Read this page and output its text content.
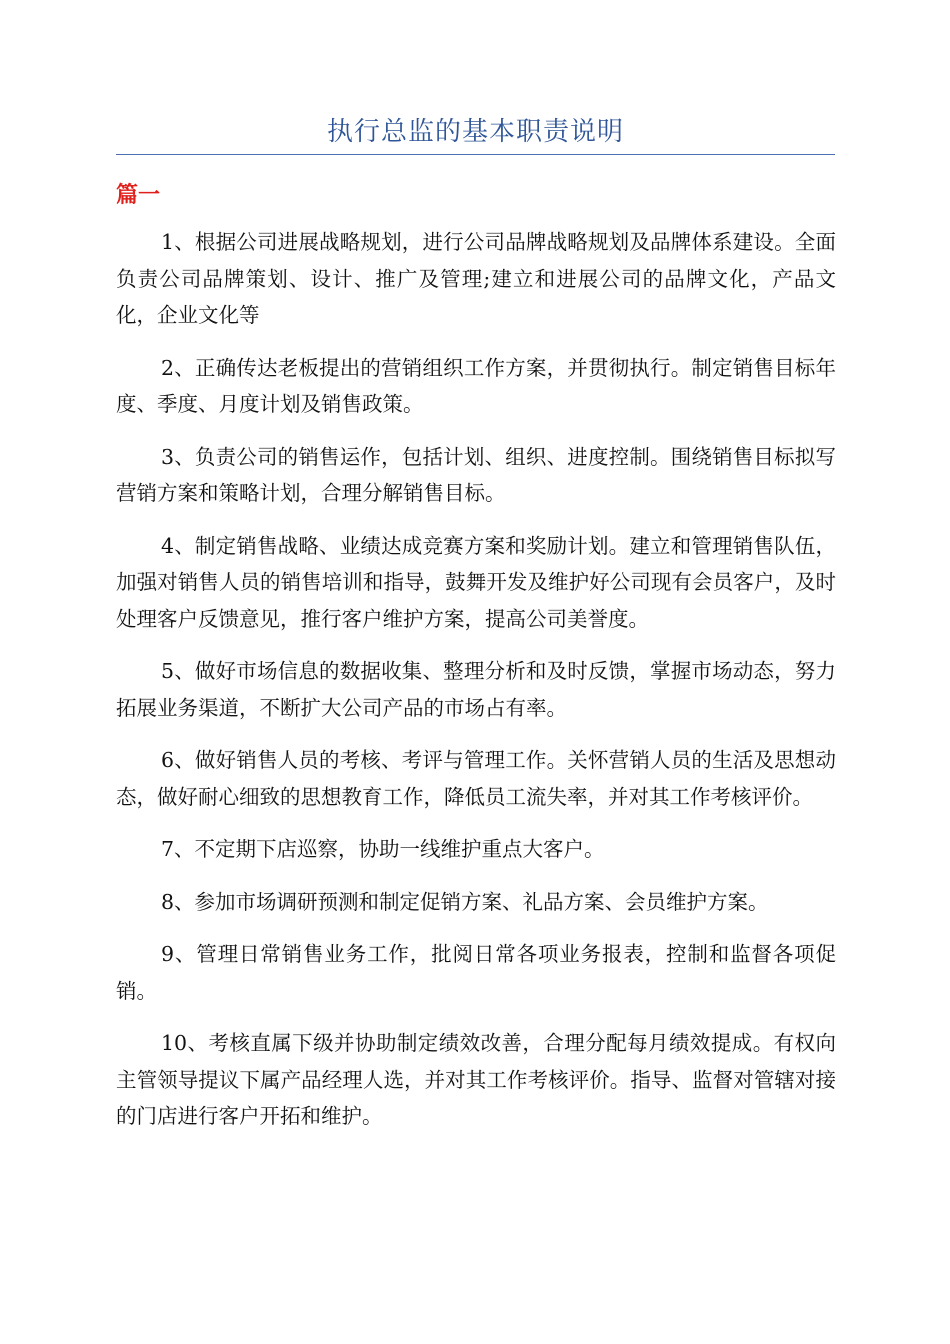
执行总监的基本职责说明
篇一

1、根据公司进展战略规划，进行公司品牌战略规划及品牌体系建设。全面负责公司品牌策划、设计、推广及管理;建立和进展公司的品牌文化，产品文化，企业文化等

2、正确传达老板提出的营销组织工作方案，并贯彻执行。制定销售目标年度、季度、月度计划及销售政策。

3、负责公司的销售运作，包括计划、组织、进度控制。围绕销售目标拟写营销方案和策略计划，合理分解销售目标。

4、制定销售战略、业绩达成竞赛方案和奖励计划。建立和管理销售队伍，加强对销售人员的销售培训和指导，鼓舞开发及维护好公司现有会员客户，及时处理客户反馈意见，推行客户维护方案，提高公司美誉度。

5、做好市场信息的数据收集、整理分析和及时反馈，掌握市场动态，努力拓展业务渠道，不断扩大公司产品的市场占有率。

6、做好销售人员的考核、考评与管理工作。关怀营销人员的生活及思想动态，做好耐心细致的思想教育工作，降低员工流失率，并对其工作考核评价。

7、不定期下店巡察，协助一线维护重点大客户。

8、参加市场调研预测和制定促销方案、礼品方案、会员维护方案。

9、管理日常销售业务工作，批阅日常各项业务报表，控制和监督各项促销。

10、考核直属下级并协助制定绩效改善，合理分配每月绩效提成。有权向主管领导提议下属产品经理人选，并对其工作考核评价。指导、监督对管辖对接的门店进行客户开拓和维护。
